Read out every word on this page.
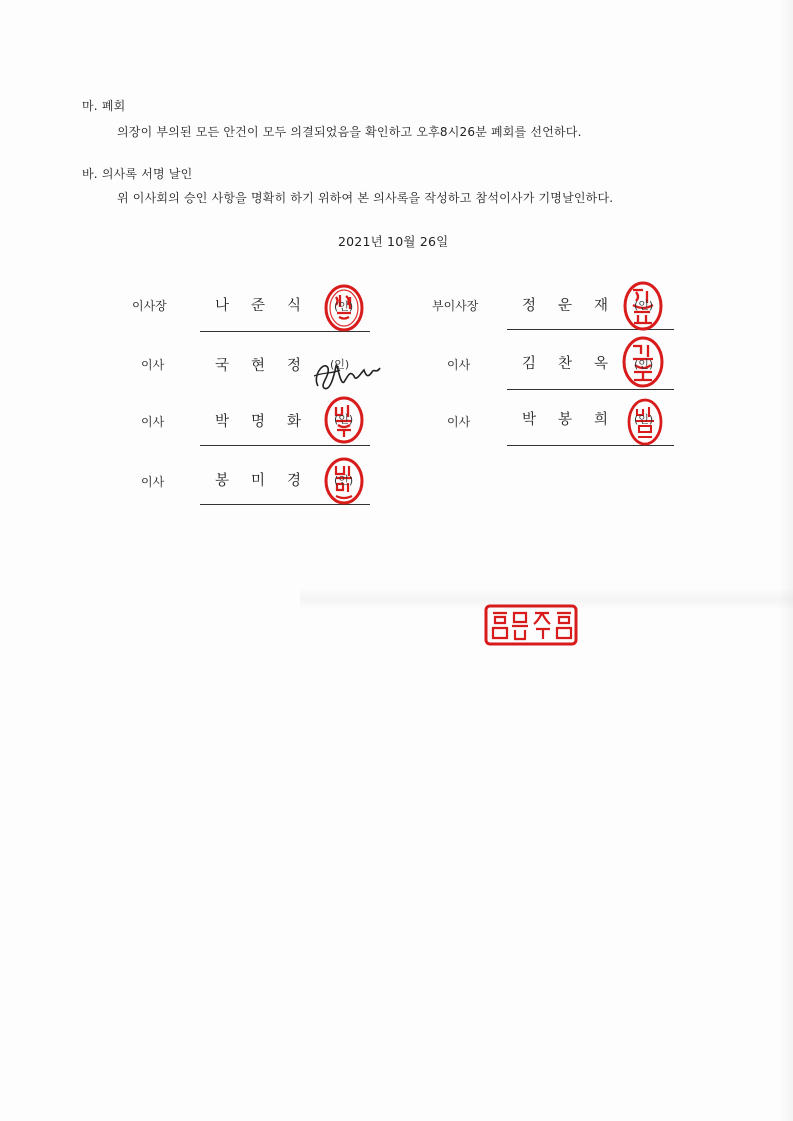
마. 폐회
의장이 부의된 모든 안건이 모두 의결되었음을 확인하고 오후8시26분 폐회를 선언하다.
바. 의사록 서명 날인
위 이사회의 승인 사항을 명확히 하기 위하여 본 의사록을 작성하고 참석이사가 기명날인하다.
2021년 10월 26일
이사장	나준식 (인)	부이사장	정운재 (인)
이사	국현정 (인)	이사	김찬옥 (인)
이사	박명화 (인)	이사	박봉희 (인)
이사	봉미경 (인)
